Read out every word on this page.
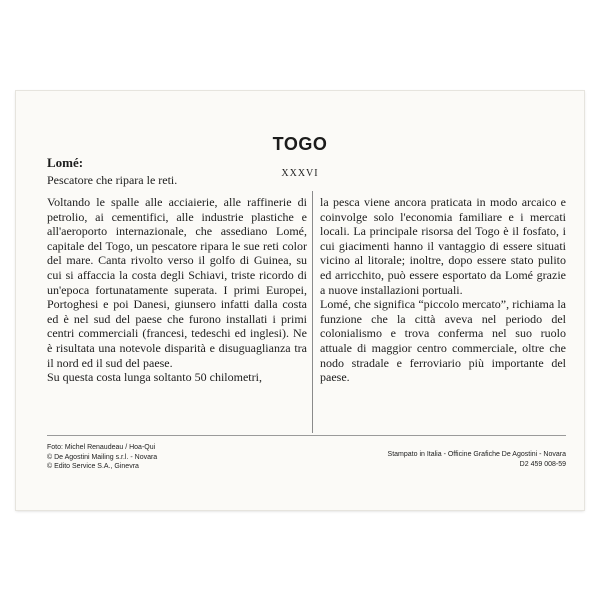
TOGO
XXXVI
Lomé:
Pescatore che ripara le reti.

Voltando le spalle alle acciaierie, alle raffinerie di petrolio, ai cementifici, alle industrie plastiche e all'aeroporto internazionale, che assediano Lomé, capitale del Togo, un pescatore ripara le sue reti color del mare. Canta rivolto verso il golfo di Guinea, su cui si affaccia la costa degli Schiavi, triste ricordo di un'epoca fortunatamente superata. I primi Europei, Portoghesi e poi Danesi, giunsero infatti dalla costa ed è nel sud del paese che furono installati i primi centri commerciali (francesi, tedeschi ed inglesi). Ne è risultata una notevole disparità e disuguaglianza tra il nord ed il sud del paese.

Su questa costa lunga soltanto 50 chilometri,

la pesca viene ancora praticata in modo arcaico e coinvolge solo l'economia familiare e i mercati locali. La principale risorsa del Togo è il fosfato, i cui giacimenti hanno il vantaggio di essere situati vicino al litorale; inoltre, dopo essere stato pulito ed arricchito, può essere esportato da Lomé grazie a nuove installazioni portuali.

Lomé, che significa “piccolo mercato”, richiama la funzione che la città aveva nel periodo del colonialismo e trova conferma nel suo ruolo attuale di maggior centro commerciale, oltre che nodo stradale e ferroviario più importante del paese.

Foto: Michel Renaudeau / Hoa-Qui
© De Agostini Mailing s.r.l. - Novara
© Edito Service S.A., Ginevra
Stampato in Italia - Officine Grafiche De Agostini - Novara
D2 459 008-59
